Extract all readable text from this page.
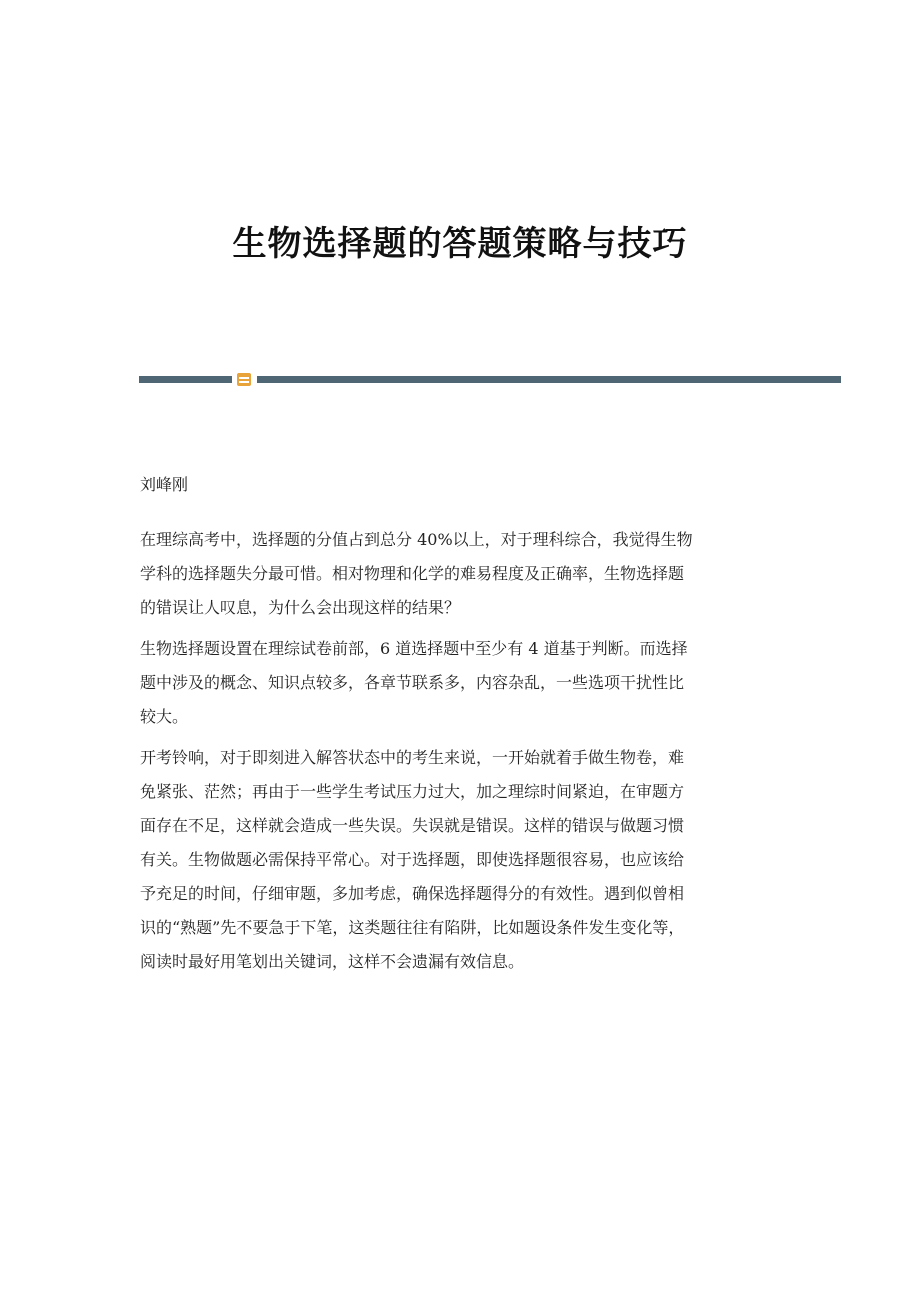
生物选择题的答题策略与技巧

刘峰刚

在理综高考中，选择题的分值占到总分 40%以上，对于理科综合，我觉得生物
学科的选择题失分最可惜。相对物理和化学的难易程度及正确率，生物选择题
的错误让人叹息，为什么会出现这样的结果？
生物选择题设置在理综试卷前部，6 道选择题中至少有 4 道基于判断。而选择
题中涉及的概念、知识点较多，各章节联系多，内容杂乱，一些选项干扰性比
较大。
开考铃响，对于即刻进入解答状态中的考生来说，一开始就着手做生物卷，难
免紧张、茫然；再由于一些学生考试压力过大，加之理综时间紧迫，在审题方
面存在不足，这样就会造成一些失误。失误就是错误。这样的错误与做题习惯
有关。生物做题必需保持平常心。对于选择题，即使选择题很容易，也应该给
予充足的时间，仔细审题，多加考虑，确保选择题得分的有效性。遇到似曾相
识的“熟题”先不要急于下笔，这类题往往有陷阱，比如题设条件发生变化等，
阅读时最好用笔划出关键词，这样不会遗漏有效信息。
